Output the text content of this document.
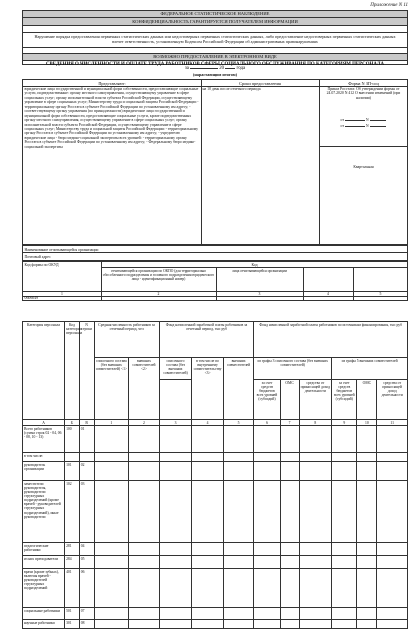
Приложение N 11
ФЕДЕРАЛЬНОЕ СТАТИСТИЧЕСКОЕ НАБЛЮДЕНИЕ
КОНФИДЕНЦИАЛЬНОСТЬ ГАРАНТИРУЕТСЯ ПОЛУЧАТЕЛЕМ ИНФОРМАЦИИ
Нарушение порядка предоставления первичных статистических данных или недостоверных первичных статистических данных, либо предоставление недостоверных первичных статистических данных влечет ответственность, установленную Кодексом Российской Федерации об административных правонарушениях
ВОЗМОЖНО ПРЕДОСТАВЛЕНИЕ В ЭЛЕКТРОННОМ ВИДЕ
СВЕДЕНИЯ О ЧИСЛЕННОСТИ И ОПЛАТЕ ТРУДА РАБОТНИКОВ СФЕРЫ СОЦИАЛЬНОГО ОБСЛУЖИВАНИЯ ПО КАТЕГОРИЯМ ПЕРСОНАЛА
за	20	года
(нарастающим итогом)
Представляют:	Сроки предоставления	Форма N ЗП-соц
юридические лица государственной и муниципальной форм собственности, предоставляющие социальные услуги, подведомственные: органу местного самоуправления, осуществляющему управление в сфере социальных услуг; органу исполнительной власти субъекта Российской Федерации, осуществляющему управление в сфере социальных услуг; Министерству труда и социальной защиты Российской Федерации - территориальному органу Росстата в субъекте Российской Федерации по установленному им адресу; - соответствующему органу управления (по принадлежности) юридические лица государственной и муниципальной форм собственности, предоставляющие социальные услуги, кроме подведомственных органу местного самоуправления, осуществляющему управление в сфере социальных услуг; органу исполнительной власти субъекта Российской Федерации, осуществляющему управление в сфере социальных услуг; Министерству труда и социальной защиты Российской Федерации: - территориальному органу Росстата в субъекте Российской Федерации по установленному им адресу; - учредителю юридические лица - бюро медико-социальной экспертизы всех уровней: - территориальному органу Росстата в субъекте Российской Федерации по установленному им адресу; - Федеральному бюро медико-социальной экспертизы
на 10 день после отчетного периода	Приказ Росстата: Об утверждении формы от 24.07.2020 N 412 О внесении изменений (при наличии)
от	N
от	N
Квартальная
Наименование отчитывающейся организации
Почтовый адрес
Код формы по ОКУД	Код
отчитывающейся организации по ОКПО (для территориально обособленного подразделения и головного подразделения юридического лица - идентификационный номер)
лица отчитывающейся организации
1	2	3	4	5
0606049
Категория персонала	Код категории персонала	N строки	Средняя численность работников за отчетный период, чел		Фонд начисленной заработной платы работников за отчетный период, тыс руб			Фонд начисленной заработной платы работников по источникам финансирования, тыс руб					
			списочного состава (без внешних совместителей) <1>	внешних совместителей <2>	списочного состава (без внешних совместителей)	в том числе по внутреннему совместительству <3>	внешних совместителей	из графы 3 списочного состава (без внешних совместителей)			из графы 5 внешних совместителей		
								за счет средств бюджетов всех уровней (субсидий)	ОМС	средства от приносящей доход деятельности	за счет средств бюджетов всех уровней (субсидий)	ОМС	средства от приносящей доход деятельности
А	Б	В	1	2	3	4	5	6	7	8	9	10	11
Всего работников (сумма строк 02 - 04, 06 - 08, 10 - 13)	100	01											
в том числе:													
руководитель организации	101	02											
заместители руководителя, руководители структурных подразделений (кроме врачей - руководителей структурных подразделений), иные руководители	102	03											
педагогические работники	281	04											
из них преподаватели	284	05											
врачи (кроме зубных), включая врачей - руководителей структурных подразделений	401	06											
социальные работники	501	07											
научные работники	301	08											
